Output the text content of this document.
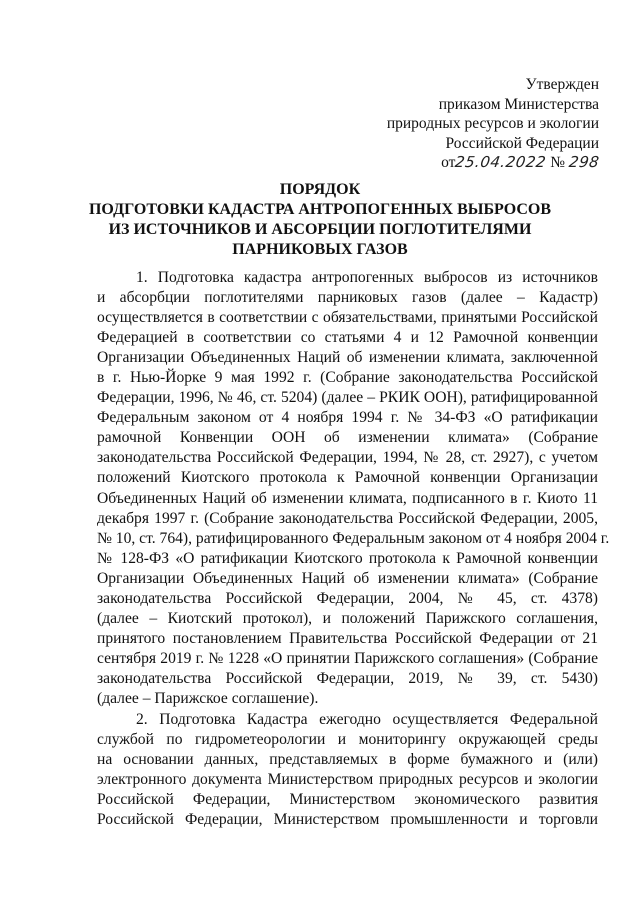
Утвержден
приказом Министерства
природных ресурсов и экологии
Российской Федерации
от25.04.2022 № 298
ПОРЯДОК
ПОДГОТОВКИ КАДАСТРА АНТРОПОГЕННЫХ ВЫБРОСОВ
ИЗ ИСТОЧНИКОВ И АБСОРБЦИИ ПОГЛОТИТЕЛЯМИ
ПАРНИКОВЫХ ГАЗОВ
1. Подготовка кадастра антропогенных выбросов из источников
и абсорбции поглотителями парниковых газов (далее – Кадастр)
осуществляется в соответствии с обязательствами, принятыми Российской
Федерацией в соответствии со статьями 4 и 12 Рамочной конвенции
Организации Объединенных Наций об изменении климата, заключенной
в г. Нью-Йорке 9 мая 1992 г. (Собрание законодательства Российской
Федерации, 1996, № 46, ст. 5204) (далее – РКИК ООН), ратифицированной
Федеральным законом от 4 ноября 1994 г. № 34-ФЗ «О ратификации
рамочной Конвенции ООН об изменении климата» (Собрание
законодательства Российской Федерации, 1994, № 28, ст. 2927), с учетом
положений Киотского протокола к Рамочной конвенции Организации
Объединенных Наций об изменении климата, подписанного в г. Киото 11
декабря 1997 г. (Собрание законодательства Российской Федерации, 2005,
№ 10, ст. 764), ратифицированного Федеральным законом от 4 ноября 2004 г.
№ 128-ФЗ «О ратификации Киотского протокола к Рамочной конвенции
Организации Объединенных Наций об изменении климата» (Собрание
законодательства Российской Федерации, 2004, № 45, ст. 4378)
(далее – Киотский протокол), и положений Парижского соглашения,
принятого постановлением Правительства Российской Федерации от 21
сентября 2019 г. № 1228 «О принятии Парижского соглашения» (Собрание
законодательства Российской Федерации, 2019, № 39, ст. 5430)
(далее – Парижское соглашение).
2. Подготовка Кадастра ежегодно осуществляется Федеральной
службой по гидрометеорологии и мониторингу окружающей среды
на основании данных, представляемых в форме бумажного и (или)
электронного документа Министерством природных ресурсов и экологии
Российской Федерации, Министерством экономического развития
Российской Федерации, Министерством промышленности и торговли
